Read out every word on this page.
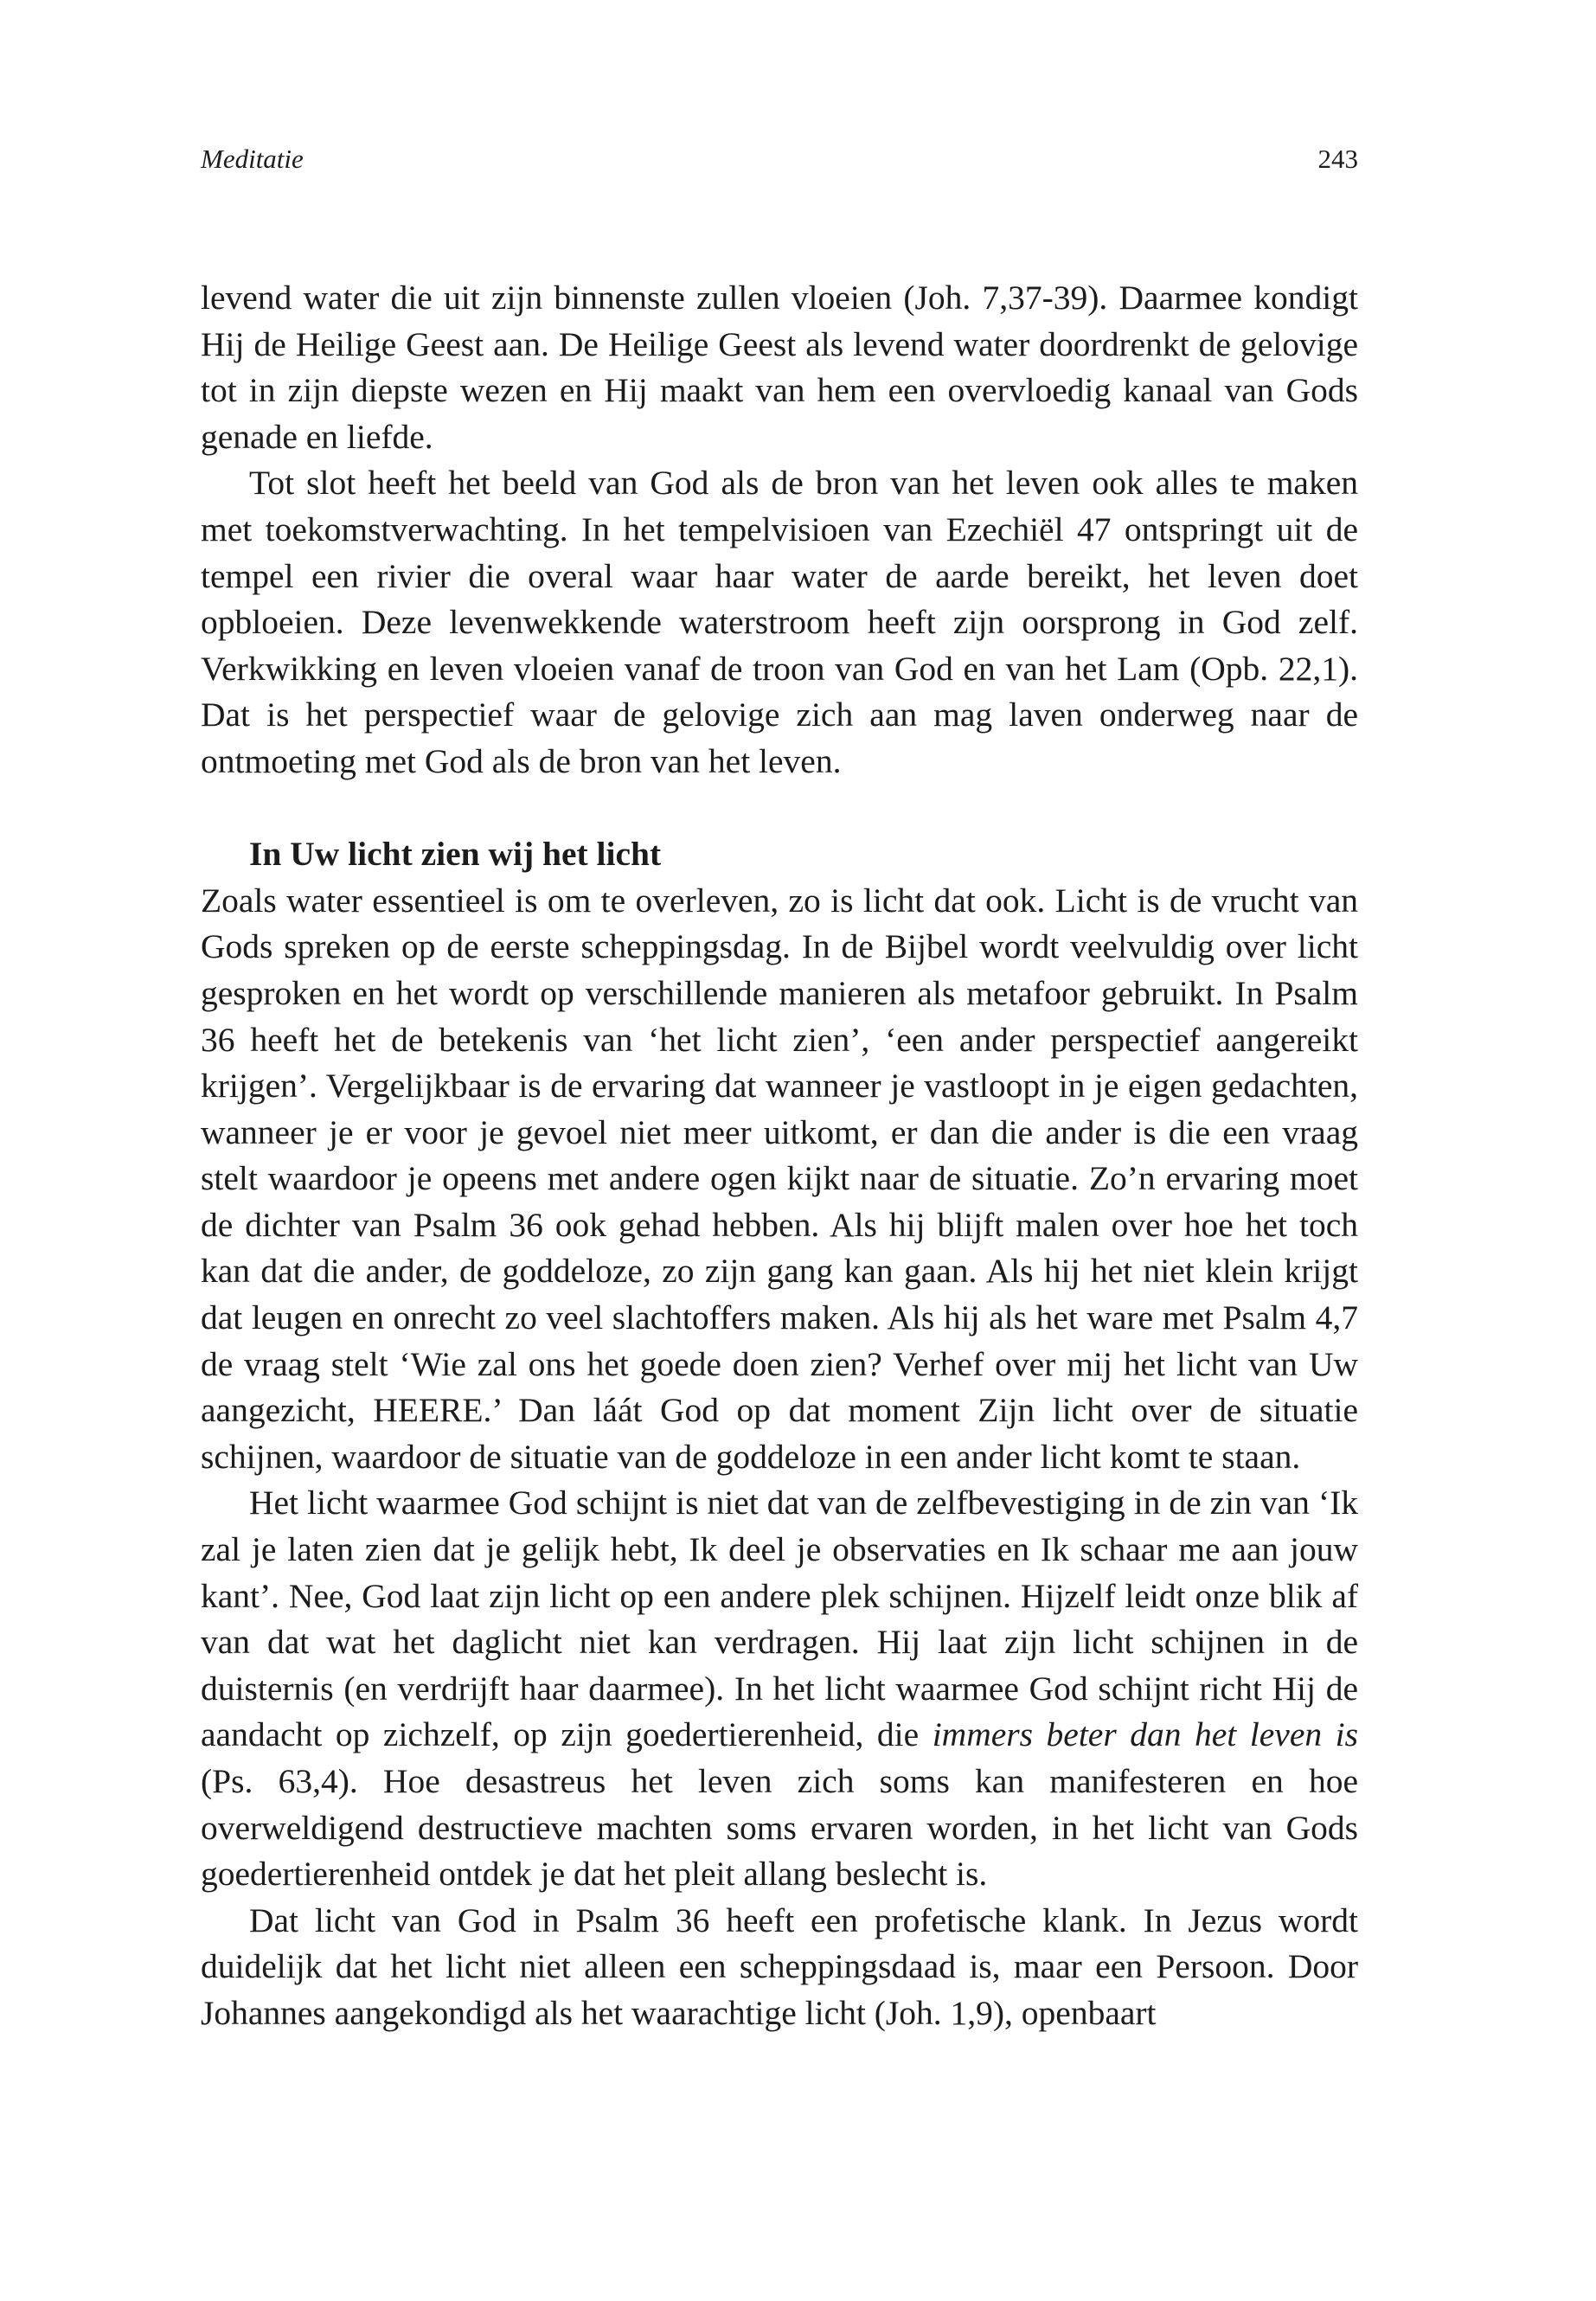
Meditatie	243

levend water die uit zijn binnenste zullen vloeien (Joh. 7,37-39). Daarmee kondigt Hij de Heilige Geest aan. De Heilige Geest als levend water doordrenkt de gelovige tot in zijn diepste wezen en Hij maakt van hem een overvloedig kanaal van Gods genade en liefde.

Tot slot heeft het beeld van God als de bron van het leven ook alles te maken met toekomstverwachting. In het tempelvisioen van Ezechiël 47 ontspringt uit de tempel een rivier die overal waar haar water de aarde bereikt, het leven doet opbloeien. Deze levenwekkende waterstroom heeft zijn oorsprong in God zelf. Verkwikking en leven vloeien vanaf de troon van God en van het Lam (Opb. 22,1). Dat is het perspectief waar de gelovige zich aan mag laven onderweg naar de ontmoeting met God als de bron van het leven.

In Uw licht zien wij het licht

Zoals water essentieel is om te overleven, zo is licht dat ook. Licht is de vrucht van Gods spreken op de eerste scheppingsdag. In de Bijbel wordt veelvuldig over licht gesproken en het wordt op verschillende manieren als metafoor gebruikt. In Psalm 36 heeft het de betekenis van ‘het licht zien’, ‘een ander perspectief aangereikt krijgen’. Vergelijkbaar is de ervaring dat wanneer je vastloopt in je eigen gedachten, wanneer je er voor je gevoel niet meer uitkomt, er dan die ander is die een vraag stelt waardoor je opeens met andere ogen kijkt naar de situatie. Zo’n ervaring moet de dichter van Psalm 36 ook gehad hebben. Als hij blijft malen over hoe het toch kan dat die ander, de goddeloze, zo zijn gang kan gaan. Als hij het niet klein krijgt dat leugen en onrecht zo veel slachtoffers maken. Als hij als het ware met Psalm 4,7 de vraag stelt ‘Wie zal ons het goede doen zien? Verhef over mij het licht van Uw aangezicht, HEERE.’ Dan láát God op dat moment Zijn licht over de situatie schijnen, waardoor de situatie van de goddeloze in een ander licht komt te staan.

Het licht waarmee God schijnt is niet dat van de zelfbevestiging in de zin van ‘Ik zal je laten zien dat je gelijk hebt, Ik deel je observaties en Ik schaar me aan jouw kant’. Nee, God laat zijn licht op een andere plek schijnen. Hijzelf leidt onze blik af van dat wat het daglicht niet kan verdragen. Hij laat zijn licht schijnen in de duisternis (en verdrijft haar daarmee). In het licht waarmee God schijnt richt Hij de aandacht op zichzelf, op zijn goedertierenheid, die immers beter dan het leven is (Ps. 63,4). Hoe desastreus het leven zich soms kan manifesteren en hoe overweldigend destructieve machten soms ervaren worden, in het licht van Gods goedertierenheid ontdek je dat het pleit allang beslecht is.

Dat licht van God in Psalm 36 heeft een profetische klank. In Jezus wordt duidelijk dat het licht niet alleen een scheppingsdaad is, maar een Persoon. Door Johannes aangekondigd als het waarachtige licht (Joh. 1,9), openbaart
